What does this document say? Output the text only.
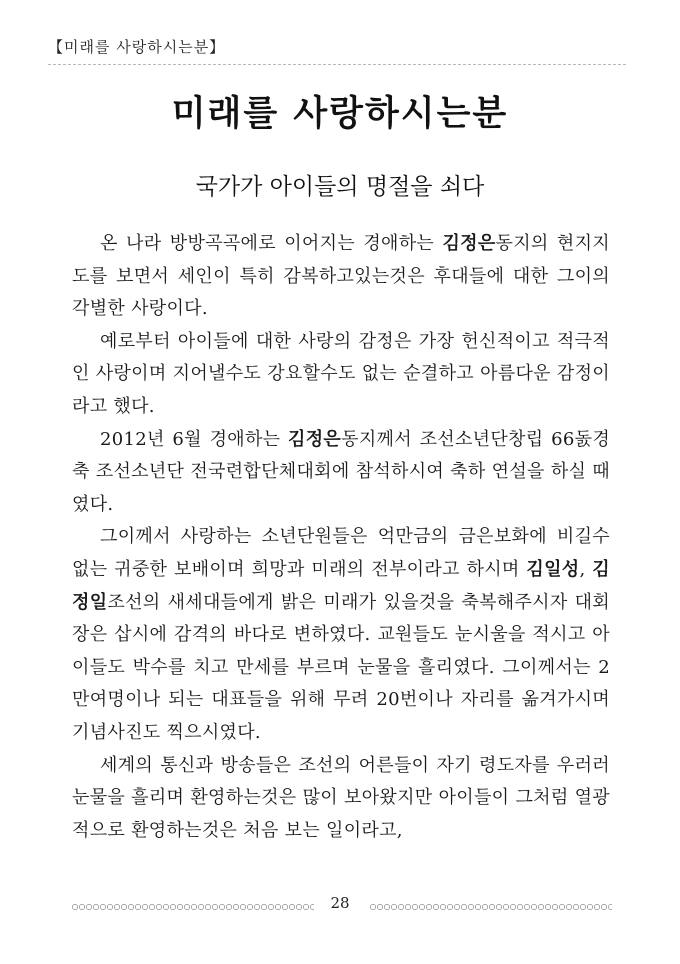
【미래를 사랑하시는분】
미래를 사랑하시는분
국가가 아이들의 명절을 쇠다

온 나라 방방곡곡에로 이어지는 경애하는 김정은동지의 현지지도를 보면서 세인이 특히 감복하고있는것은 후대들에 대한 그이의 각별한 사랑이다.

예로부터 아이들에 대한 사랑의 감정은 가장 헌신적이고 적극적인 사랑이며 지어낼수도 강요할수도 없는 순결하고 아름다운 감정이라고 했다.

2012년 6월 경애하는 김정은동지께서 조선소년단창립 66돐경축 조선소년단 전국련합단체대회에 참석하시여 축하 연설을 하실 때였다.

그이께서 사랑하는 소년단원들은 억만금의 금은보화에 비길수 없는 귀중한 보배이며 희망과 미래의 전부이라고 하시며 김일성, 김정일조선의 새세대들에게 밝은 미래가 있을것을 축복해주시자 대회장은 삽시에 감격의 바다로 변하였다. 교원들도 눈시울을 적시고 아이들도 박수를 치고 만세를 부르며 눈물을 흘리였다. 그이께서는 2만여명이나 되는 대표들을 위해 무려 20번이나 자리를 옮겨가시며 기념사진도 찍으시였다.

세계의 통신과 방송들은 조선의 어른들이 자기 령도자를 우러러 눈물을 흘리며 환영하는것은 많이 보아왔지만 아이들이 그처럼 열광적으로 환영하는것은 처음 보는 일이라고,

28
